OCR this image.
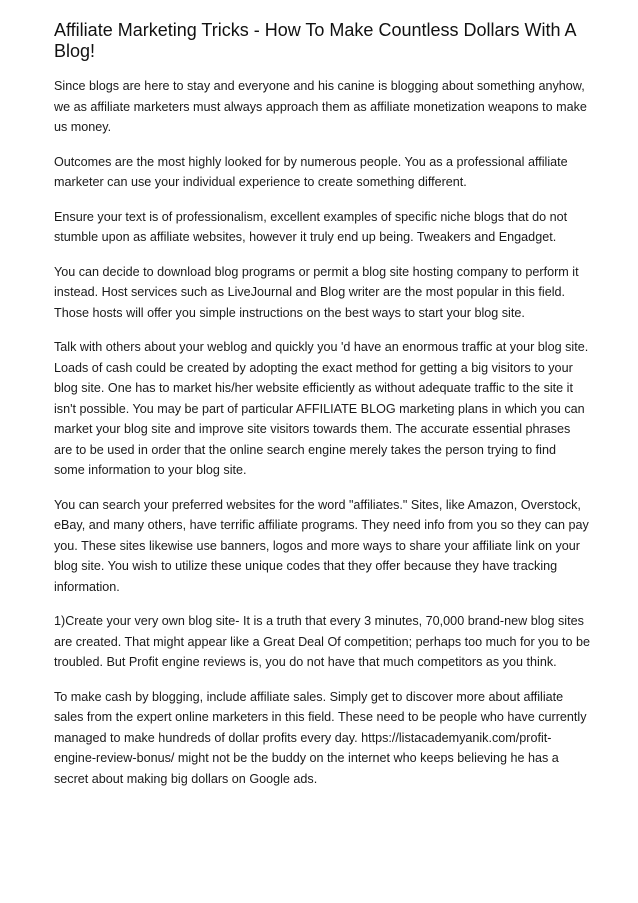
Affiliate Marketing Tricks - How To Make Countless Dollars With A Blog!

Since blogs are here to stay and everyone and his canine is blogging about something anyhow, we as affiliate marketers must always approach them as affiliate monetization weapons to make us money.

Outcomes are the most highly looked for by numerous people. You as a professional affiliate marketer can use your individual experience to create something different.

Ensure your text is of professionalism, excellent examples of specific niche blogs that do not stumble upon as affiliate websites, however it truly end up being. Tweakers and Engadget.

You can decide to download blog programs or permit a blog site hosting company to perform it instead. Host services such as LiveJournal and Blog writer are the most popular in this field. Those hosts will offer you simple instructions on the best ways to start your blog site.

Talk with others about your weblog and quickly you 'd have an enormous traffic at your blog site. Loads of cash could be created by adopting the exact method for getting a big visitors to your blog site. One has to market his/her website efficiently as without adequate traffic to the site it isn't possible. You may be part of particular AFFILIATE BLOG marketing plans in which you can market your blog site and improve site visitors towards them. The accurate essential phrases are to be used in order that the online search engine merely takes the person trying to find some information to your blog site.

You can search your preferred websites for the word "affiliates." Sites, like Amazon, Overstock, eBay, and many others, have terrific affiliate programs. They need info from you so they can pay you. These sites likewise use banners, logos and more ways to share your affiliate link on your blog site. You wish to utilize these unique codes that they offer because they have tracking information.

1)Create your very own blog site- It is a truth that every 3 minutes, 70,000 brand-new blog sites are created. That might appear like a Great Deal Of competition; perhaps too much for you to be troubled. But Profit engine reviews is, you do not have that much competitors as you think.

To make cash by blogging, include affiliate sales. Simply get to discover more about affiliate sales from the expert online marketers in this field. These need to be people who have currently managed to make hundreds of dollar profits every day. https://listacademyanik.com/profit-engine-review-bonus/ might not be the buddy on the internet who keeps believing he has a secret about making big dollars on Google ads.
